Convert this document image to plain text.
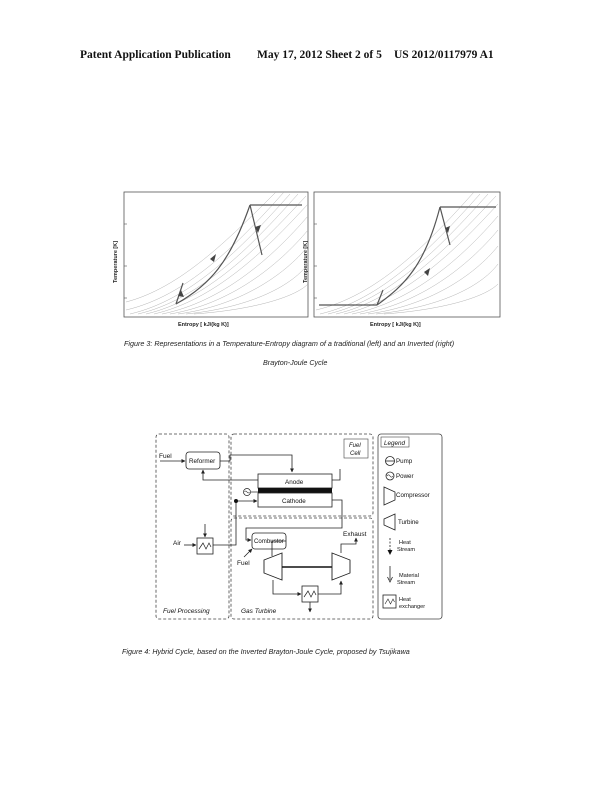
Patent Application Publication May 17, 2012 Sheet 2 of 5 US 2012/0117979 A1
Temperature [K]
Entropy [ kJ/(kg K)]
Temperature [K]
Entropy [ kJ/(kg K)]
Figure 3: Representations in a Temperature-Entropy diagram of a traditional (left) and an Inverted (right)
Brayton-Joule Cycle
Fuel
Reformer
Air
Fuel Processing
Fuel
Cell
Anode
Cathode
Combustor
Fuel
Exhaust
Gas Turbine
Legend
Pump
Power
Compressor
Turbine
Heat
Stream
Material
Stream
Heat
exchanger
Figure 4: Hybrid Cycle, based on the Inverted Brayton-Joule Cycle, proposed by Tsujikawa
